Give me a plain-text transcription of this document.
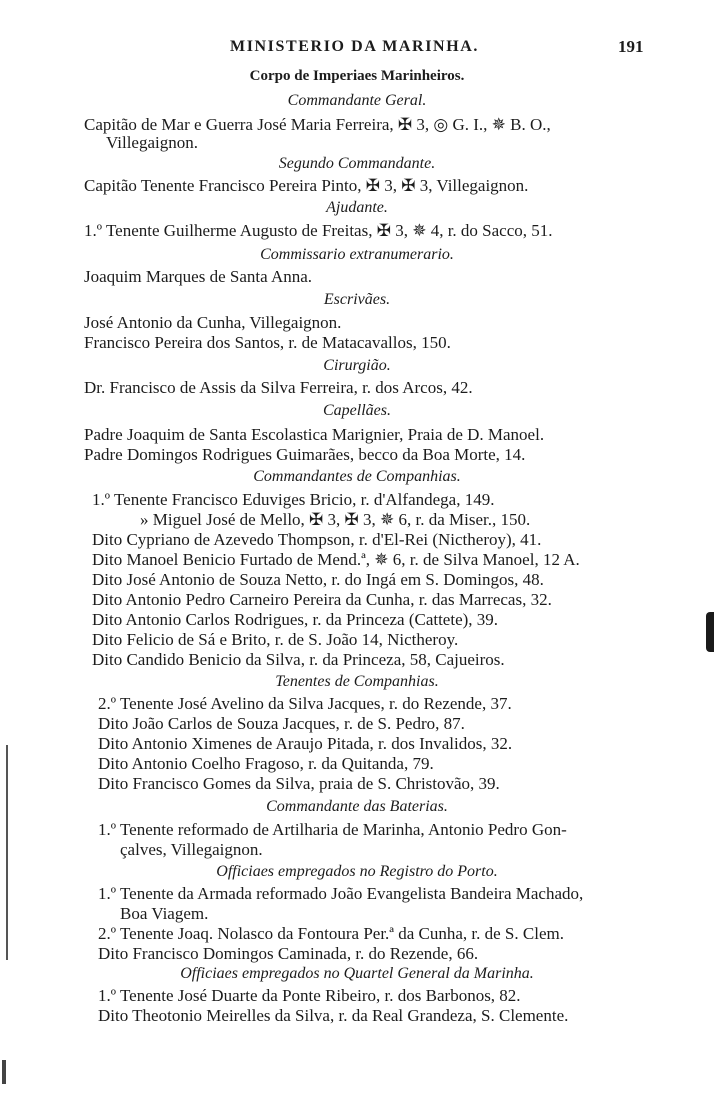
MINISTERIO DA MARINHA.	191
Corpo de Imperiaes Marinheiros.
Commandante Geral.
Capitão de Mar e Guerra José Maria Ferreira, ✠ 3, ◎ G. I., ✵ B. O.,
Villegaignon.
Segundo Commandante.
Capitão Tenente Francisco Pereira Pinto, ✠ 3, ✠ 3, Villegaignon.
Ajudante.
1.º Tenente Guilherme Augusto de Freitas, ✠ 3, ✵ 4, r. do Sacco, 51.
Commissario extranumerario.
Joaquim Marques de Santa Anna.
Escrivães.
José Antonio da Cunha, Villegaignon.
Francisco Pereira dos Santos, r. de Matacavallos, 150.
Cirurgião.
Dr. Francisco de Assis da Silva Ferreira, r. dos Arcos, 42.
Capellães.
Padre Joaquim de Santa Escolastica Marignier, Praia de D. Manoel.
Padre Domingos Rodrigues Guimarães, becco da Boa Morte, 14.
Commandantes de Companhias.
1.º Tenente Francisco Eduviges Bricio, r. d'Alfandega, 149.
» Miguel José de Mello, ✠ 3, ✠ 3, ✵ 6, r. da Miser., 150.
Dito Cypriano de Azevedo Thompson, r. d'El-Rei (Nictheroy), 41.
Dito Manoel Benicio Furtado de Mend.ª, ✵ 6, r. de Silva Manoel, 12 A.
Dito José Antonio de Souza Netto, r. do Ingá em S. Domingos, 48.
Dito Antonio Pedro Carneiro Pereira da Cunha, r. das Marrecas, 32.
Dito Antonio Carlos Rodrigues, r. da Princeza (Cattete), 39.
Dito Felicio de Sá e Brito, r. de S. João 14, Nictheroy.
Dito Candido Benicio da Silva, r. da Princeza, 58, Cajueiros.
Tenentes de Companhias.
2.º Tenente José Avelino da Silva Jacques, r. do Rezende, 37.
Dito João Carlos de Souza Jacques, r. de S. Pedro, 87.
Dito Antonio Ximenes de Araujo Pitada, r. dos Invalidos, 32.
Dito Antonio Coelho Fragoso, r. da Quitanda, 79.
Dito Francisco Gomes da Silva, praia de S. Christovão, 39.
Commandante das Baterias.
1.º Tenente reformado de Artilharia de Marinha, Antonio Pedro Gon-
çalves, Villegaignon.
Officiaes empregados no Registro do Porto.
1.º Tenente da Armada reformado João Evangelista Bandeira Machado,
Boa Viagem.
2.º Tenente Joaq. Nolasco da Fontoura Per.ª da Cunha, r. de S. Clem.
Dito Francisco Domingos Caminada, r. do Rezende, 66.
Officiaes empregados no Quartel General da Marinha.
1.º Tenente José Duarte da Ponte Ribeiro, r. dos Barbonos, 82.
Dito Theotonio Meirelles da Silva, r. da Real Grandeza, S. Clemente.
